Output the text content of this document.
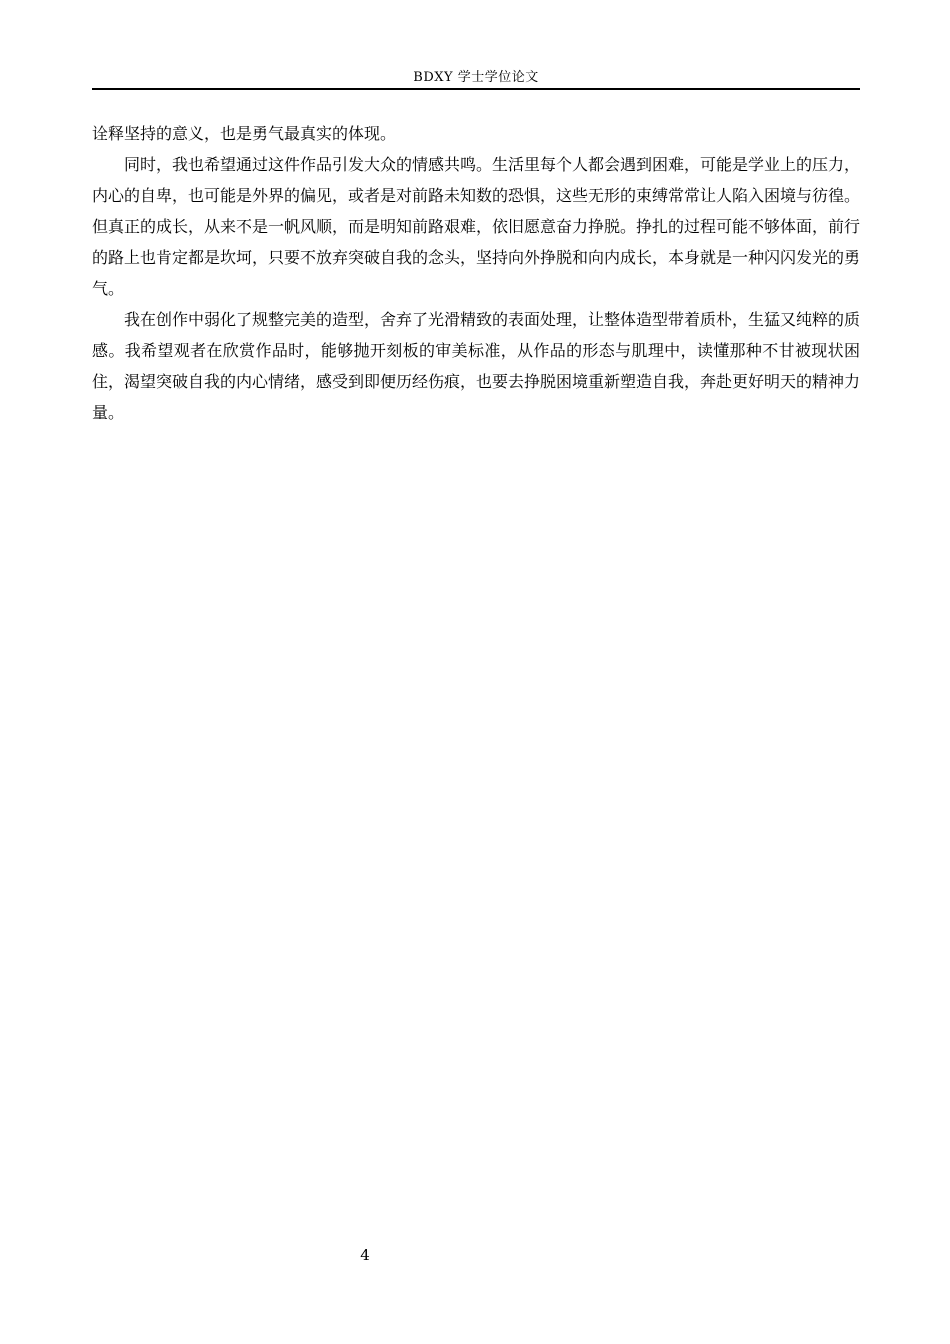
BDXY 学士学位论文

诠释坚持的意义，也是勇气最真实的体现。

同时，我也希望通过这件作品引发大众的情感共鸣。生活里每个人都会遇到困难，可能是学业上的压力，内心的自卑，也可能是外界的偏见，或者是对前路未知数的恐惧，这些无形的束缚常常让人陷入困境与彷徨。但真正的成长，从来不是一帆风顺，而是明知前路艰难，依旧愿意奋力挣脱。挣扎的过程可能不够体面，前行的路上也肯定都是坎坷，只要不放弃突破自我的念头，坚持向外挣脱和向内成长，本身就是一种闪闪发光的勇气。

我在创作中弱化了规整完美的造型，舍弃了光滑精致的表面处理，让整体造型带着质朴，生猛又纯粹的质感。我希望观者在欣赏作品时，能够抛开刻板的审美标准，从作品的形态与肌理中，读懂那种不甘被现状困住，渴望突破自我的内心情绪，感受到即便历经伤痕，也要去挣脱困境重新塑造自我，奔赴更好明天的精神力量。

4
